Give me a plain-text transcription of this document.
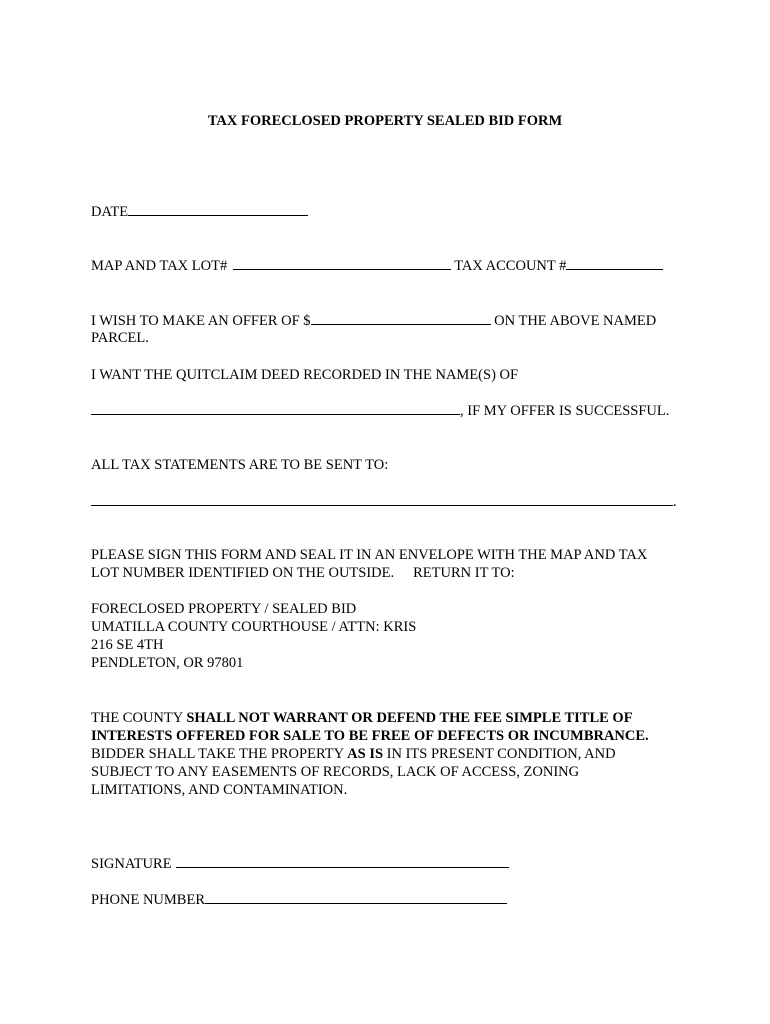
TAX FORECLOSED PROPERTY SEALED BID FORM
DATE
MAP AND TAX LOT#	TAX ACCOUNT #
I WISH TO MAKE AN OFFER OF $	ON THE ABOVE NAMED
PARCEL.
I WANT THE QUITCLAIM DEED RECORDED IN THE NAME(S) OF
, IF MY OFFER IS SUCCESSFUL.
ALL TAX STATEMENTS ARE TO BE SENT TO:
.
PLEASE SIGN THIS FORM AND SEAL IT IN AN ENVELOPE WITH THE MAP AND TAX
LOT NUMBER IDENTIFIED ON THE OUTSIDE. RETURN IT TO:
FORECLOSED PROPERTY / SEALED BID
UMATILLA COUNTY COURTHOUSE / ATTN: KRIS
216 SE 4TH
PENDLETON, OR 97801
THE COUNTY SHALL NOT WARRANT OR DEFEND THE FEE SIMPLE TITLE OF
INTERESTS OFFERED FOR SALE TO BE FREE OF DEFECTS OR INCUMBRANCE.
BIDDER SHALL TAKE THE PROPERTY AS IS IN ITS PRESENT CONDITION, AND
SUBJECT TO ANY EASEMENTS OF RECORDS, LACK OF ACCESS, ZONING
LIMITATIONS, AND CONTAMINATION.
SIGNATURE
PHONE NUMBER
